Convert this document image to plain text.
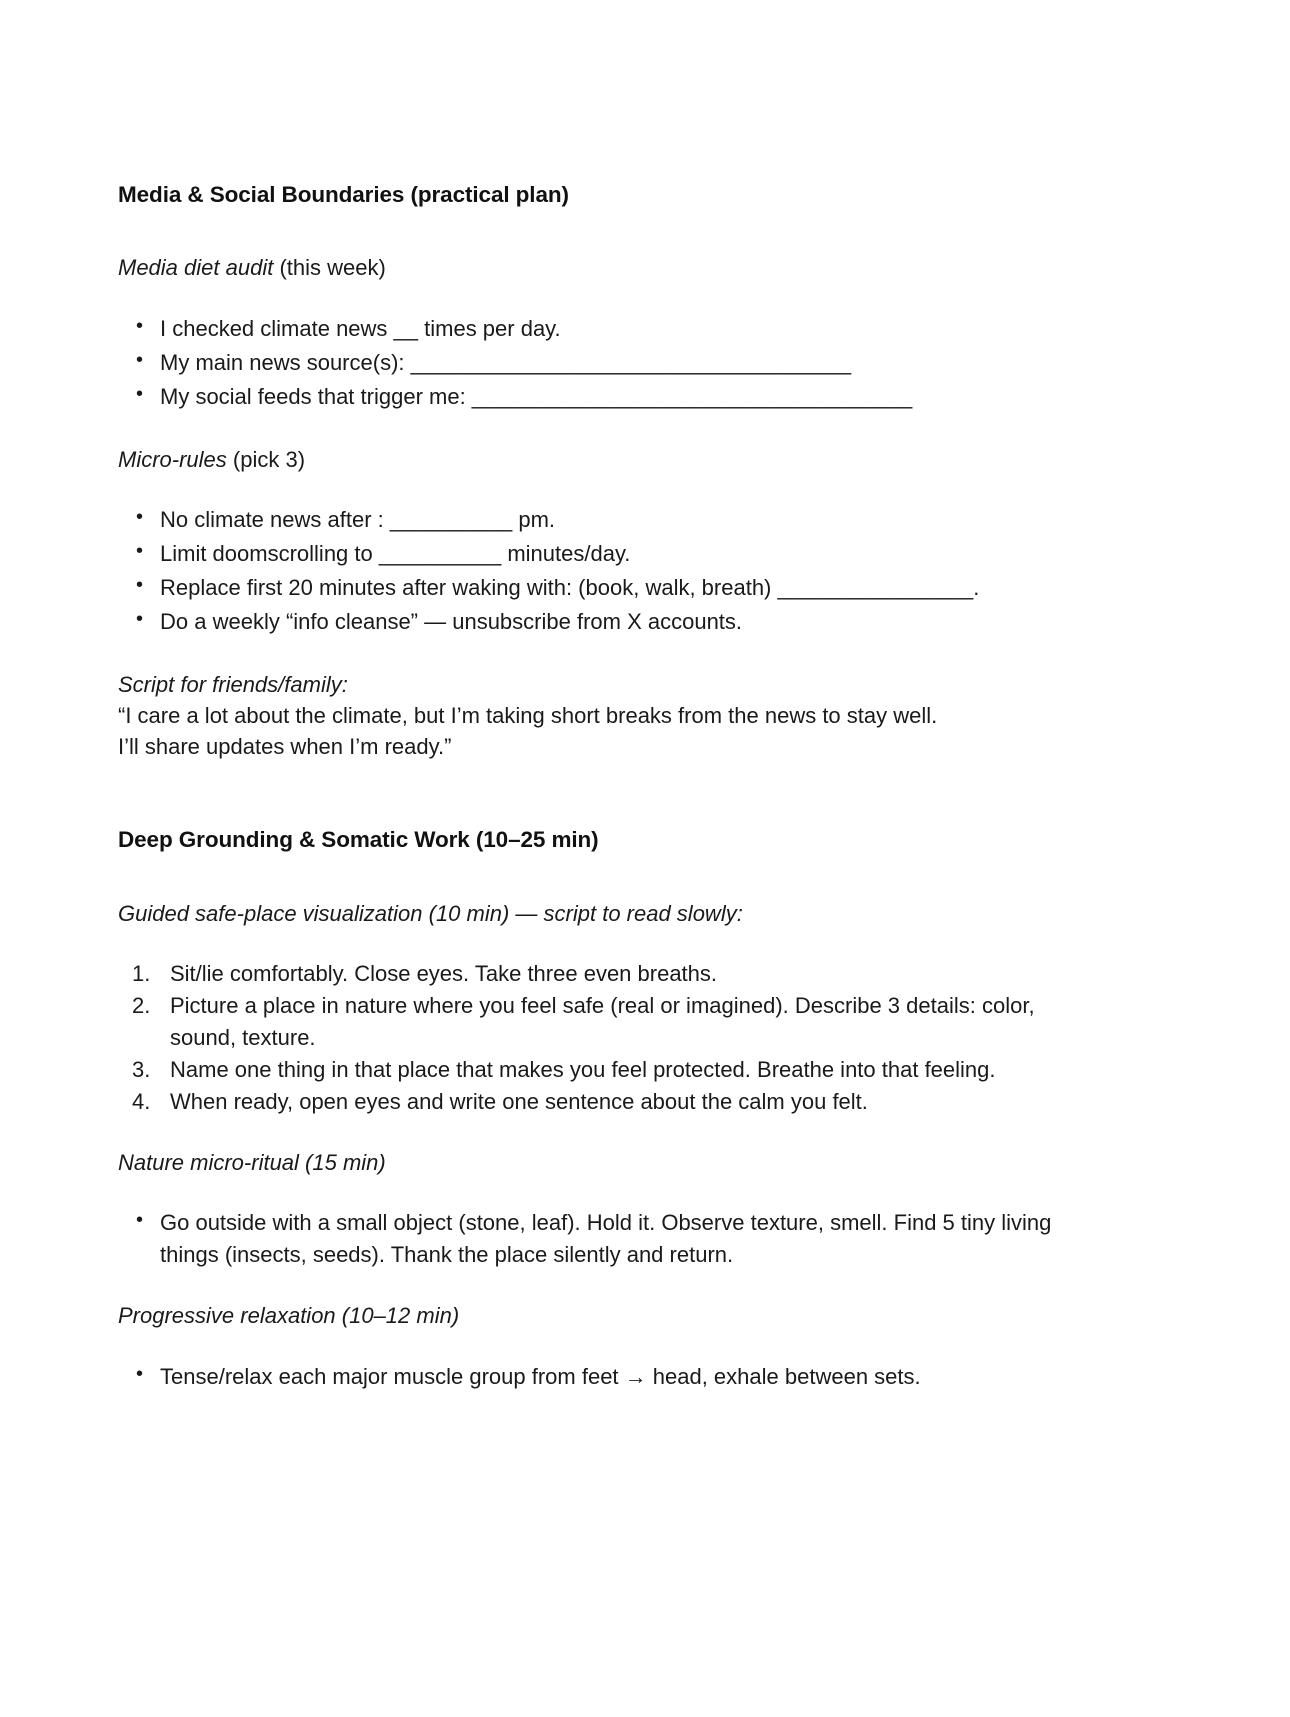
Media & Social Boundaries (practical plan)

Media diet audit (this week)

• I checked climate news __ times per day.
• My main news source(s): ____________________________________
• My social feeds that trigger me: ____________________________________

Micro-rules (pick 3)

• No climate news after : __________ pm.
• Limit doomscrolling to __________ minutes/day.
• Replace first 20 minutes after waking with: (book, walk, breath) ________________.
• Do a weekly “info cleanse” — unsubscribe from X accounts.

Script for friends/family:

“I care a lot about the climate, but I’m taking short breaks from the news to stay well.

I’ll share updates when I’m ready.”

Deep Grounding & Somatic Work (10–25 min)

Guided safe-place visualization (10 min) — script to read slowly:

Sit/lie comfortably. Close eyes. Take three even breaths.
Picture a place in nature where you feel safe (real or imagined). Describe 3 details: color, sound, texture.
Name one thing in that place that makes you feel protected. Breathe into that feeling.
When ready, open eyes and write one sentence about the calm you felt.

Nature micro-ritual (15 min)

• Go outside with a small object (stone, leaf). Hold it. Observe texture, smell. Find 5 tiny living things (insects, seeds). Thank the place silently and return.

Progressive relaxation (10–12 min)

• Tense/relax each major muscle group from feet → head, exhale between sets.
